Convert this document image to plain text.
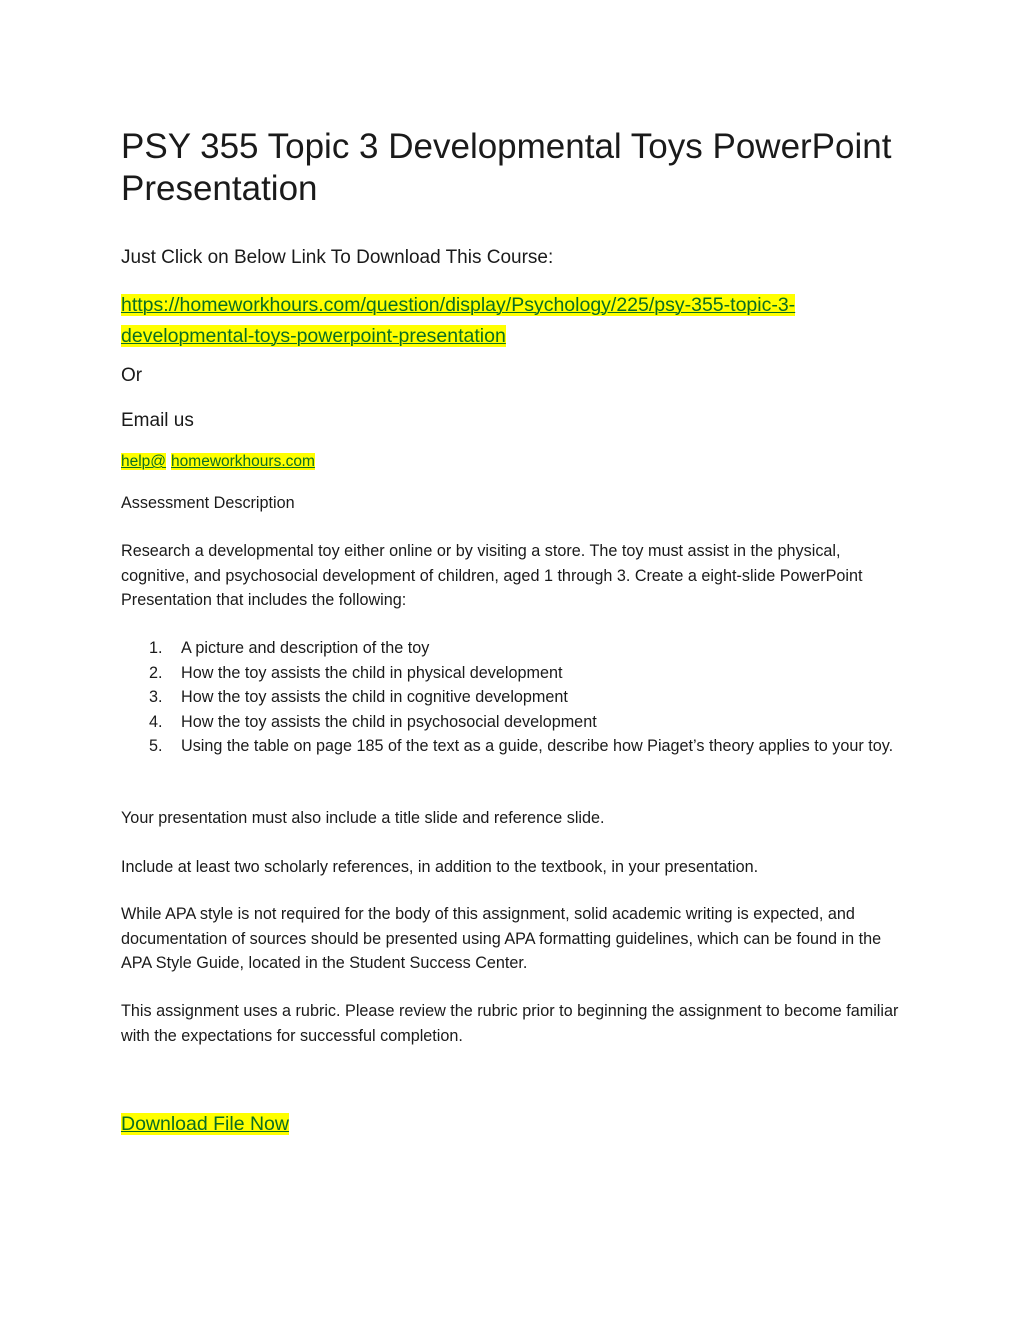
PSY 355 Topic 3 Developmental Toys PowerPoint Presentation

Just Click on Below Link To Download This Course:

https://homeworkhours.com/question/display/Psychology/225/psy-355-topic-3-
developmental-toys-powerpoint-presentation

Or

Email us

help@ homeworkhours.com

Assessment Description

Research a developmental toy either online or by visiting a store. The toy must assist in the physical, cognitive, and psychosocial development of children, aged 1 through 3. Create a eight-slide PowerPoint Presentation that includes the following:

1. A picture and description of the toy
2. How the toy assists the child in physical development
3. How the toy assists the child in cognitive development
4. How the toy assists the child in psychosocial development
5. Using the table on page 185 of the text as a guide, describe how Piaget’s theory applies to your toy.

Your presentation must also include a title slide and reference slide.

Include at least two scholarly references, in addition to the textbook, in your presentation.

While APA style is not required for the body of this assignment, solid academic writing is expected, and documentation of sources should be presented using APA formatting guidelines, which can be found in the APA Style Guide, located in the Student Success Center.

This assignment uses a rubric. Please review the rubric prior to beginning the assignment to become familiar with the expectations for successful completion.

Download File Now
